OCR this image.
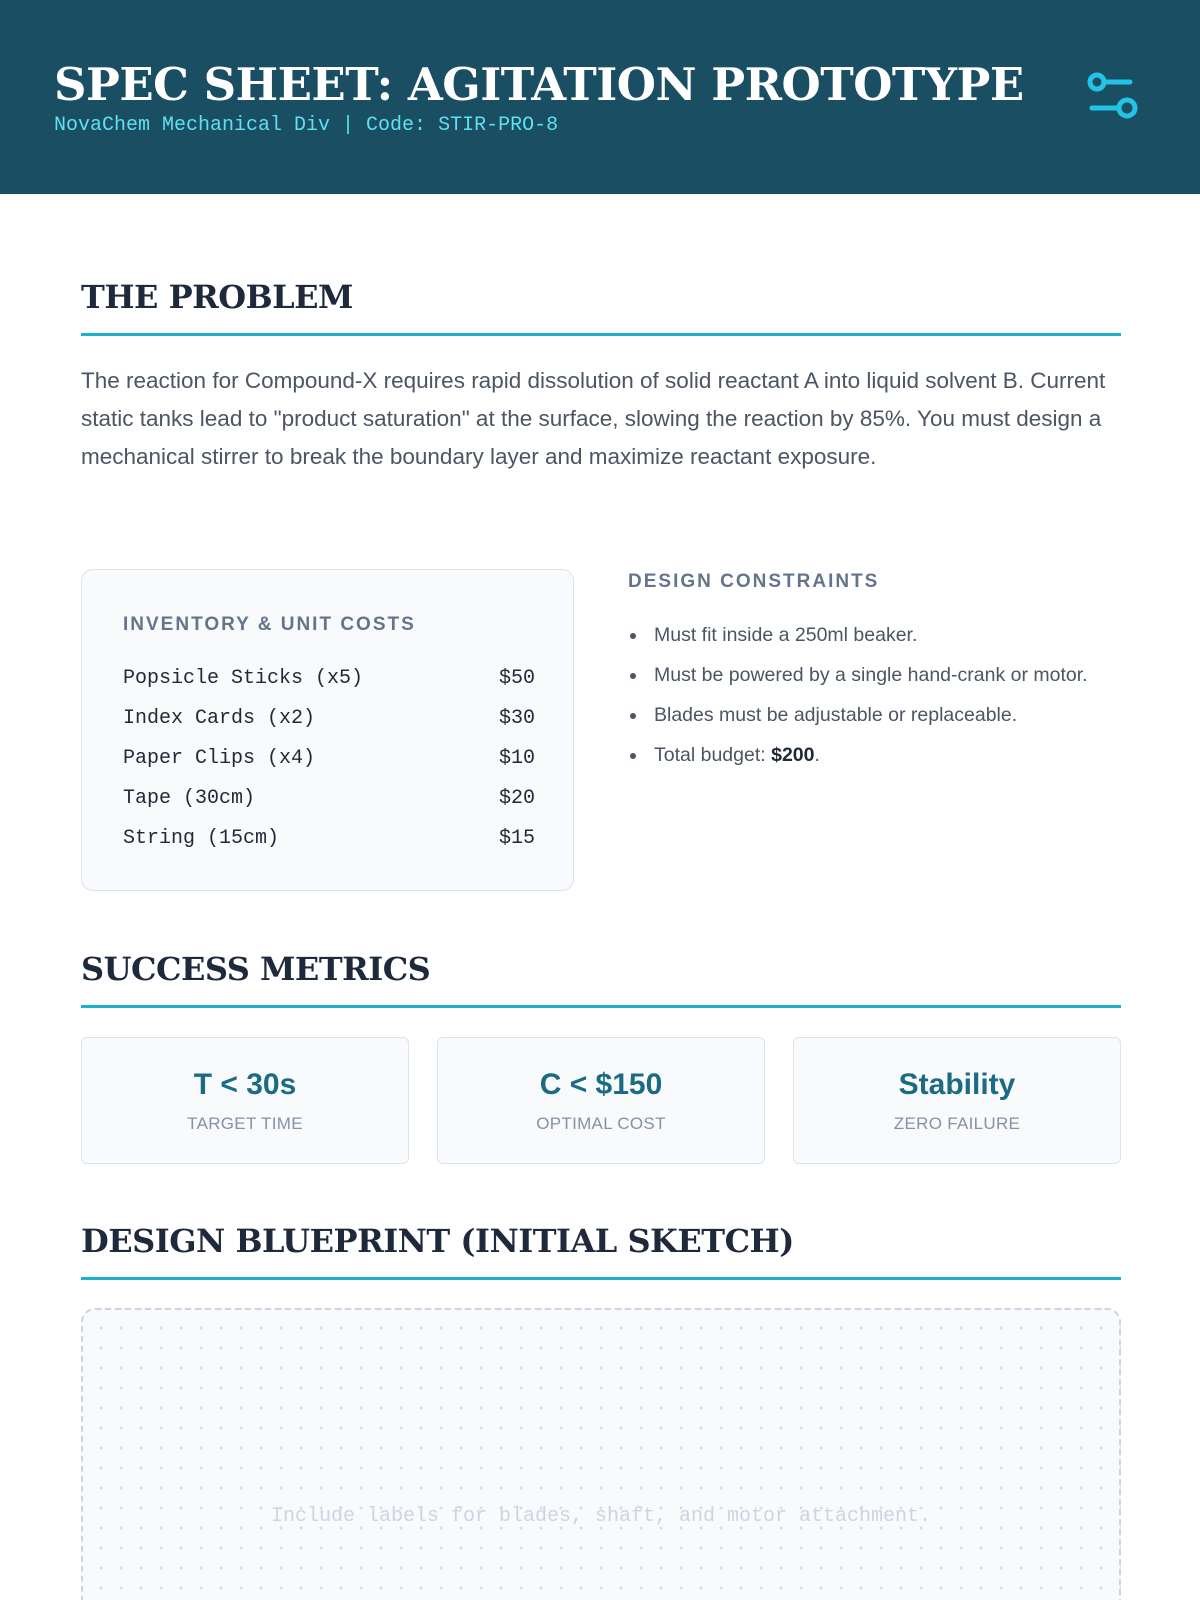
SPEC SHEET: AGITATION PROTOTYPE
NovaChem Mechanical Div | Code: STIR-PRO-8
THE PROBLEM

The reaction for Compound-X requires rapid dissolution of solid reactant A into liquid solvent B. Current static tanks lead to "product saturation" at the surface, slowing the reaction by 85%. You must design a mechanical stirrer to break the boundary layer and maximize reactant exposure.

INVENTORY & UNIT COSTS
Popsicle Sticks (x5)	$50
Index Cards (x2)	$30
Paper Clips (x4)	$10
Tape (30cm)	$20
String (15cm)	$15
DESIGN CONSTRAINTS
Must fit inside a 250ml beaker.
Must be powered by a single hand-crank or motor.
Blades must be adjustable or replaceable.
Total budget: $200.
SUCCESS METRICS
T < 30s
TARGET TIME
C < $150
OPTIMAL COST
Stability
ZERO FAILURE
DESIGN BLUEPRINT (INITIAL SKETCH)
Include labels for blades, shaft, and motor attachment.
